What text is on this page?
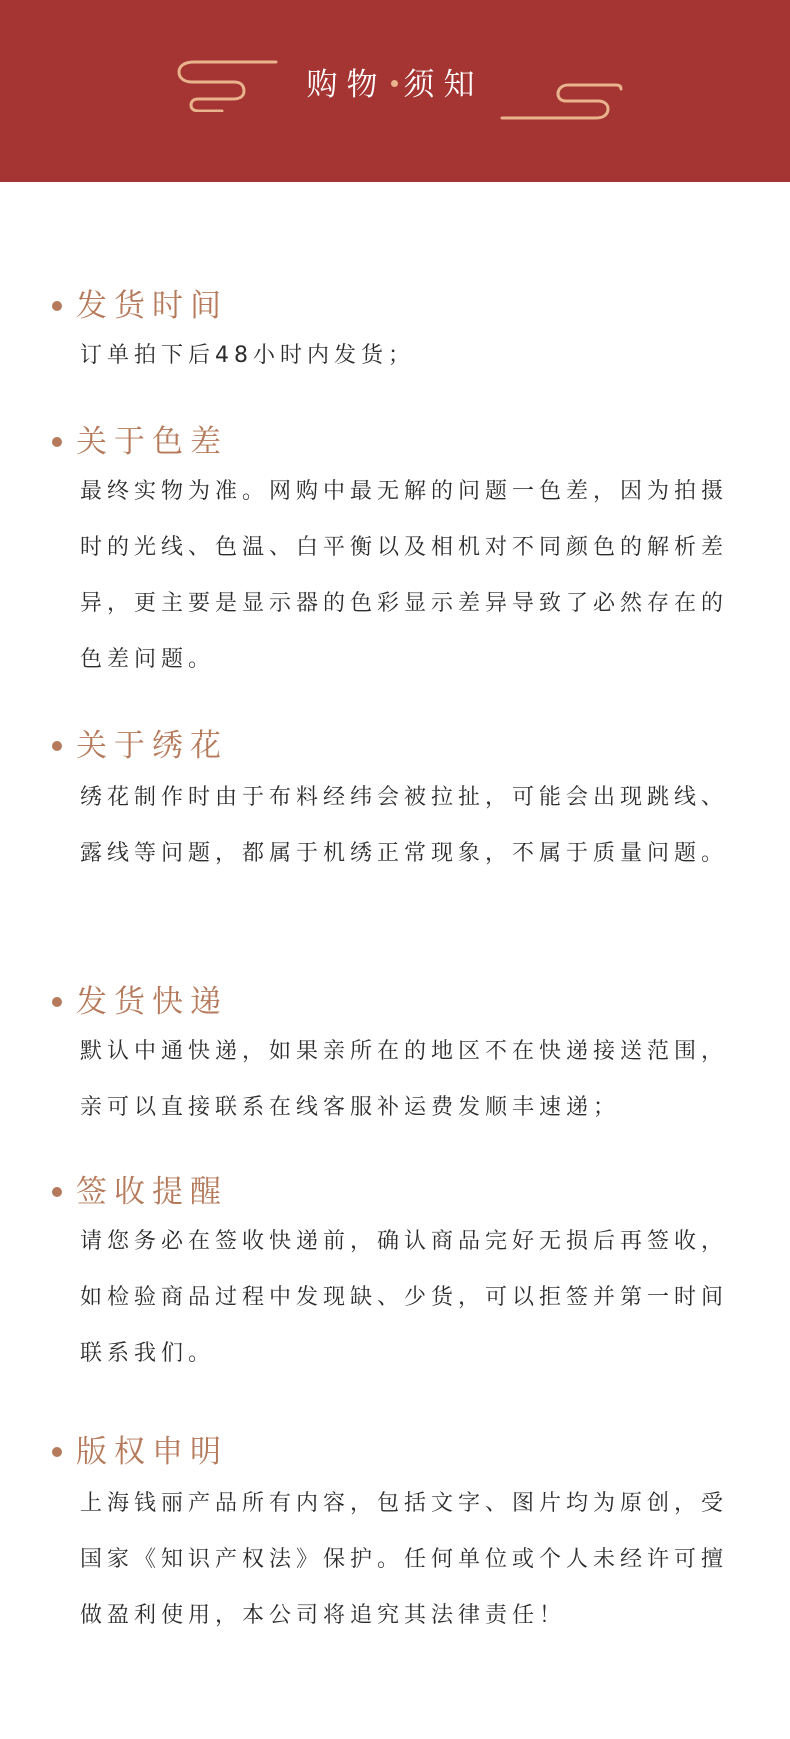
购物 须知
发货时间

订单拍下后48小时内发货；

关于色差

最终实物为准。网购中最无解的问题一色差，因为拍摄时的光线、色温、白平衡以及相机对不同颜色的解析差异，更主要是显示器的色彩显示差异导致了必然存在的色差问题。

关于绣花

绣花制作时由于布料经纬会被拉扯，可能会出现跳线、露线等问题，都属于机绣正常现象，不属于质量问题。

发货快递

默认中通快递，如果亲所在的地区不在快递接送范围，亲可以直接联系在线客服补运费发顺丰速递；

签收提醒

请您务必在签收快递前，确认商品完好无损后再签收，如检验商品过程中发现缺、少货，可以拒签并第一时间联系我们。

版权申明

上海钱丽产品所有内容，包括文字、图片均为原创，受国家《知识产权法》保护。任何单位或个人未经许可擅做盈利使用，本公司将追究其法律责任！
